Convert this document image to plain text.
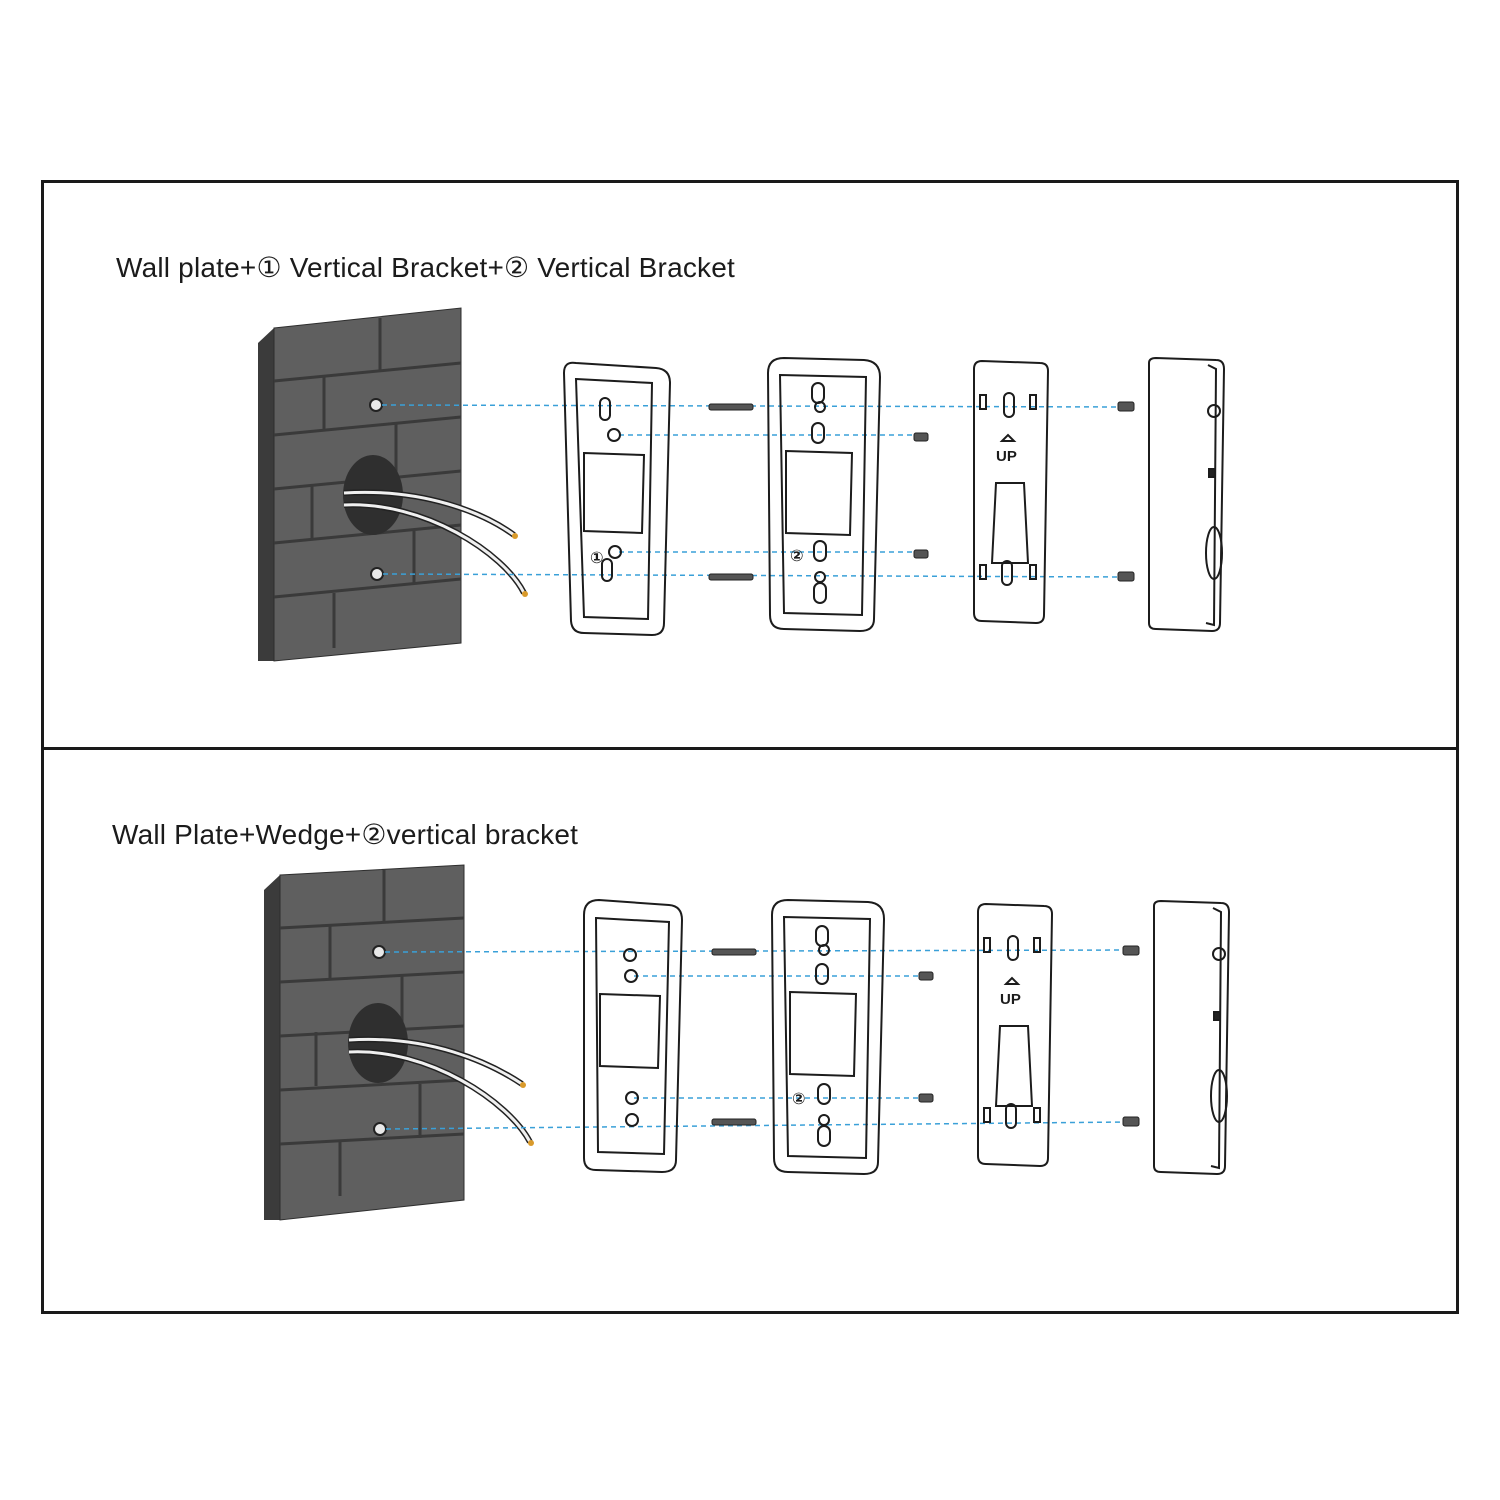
Wall plate+① Vertical Bracket+② Vertical Bracket
①	②
UP
Wall Plate+Wedge+②vertical bracket
②
UP
